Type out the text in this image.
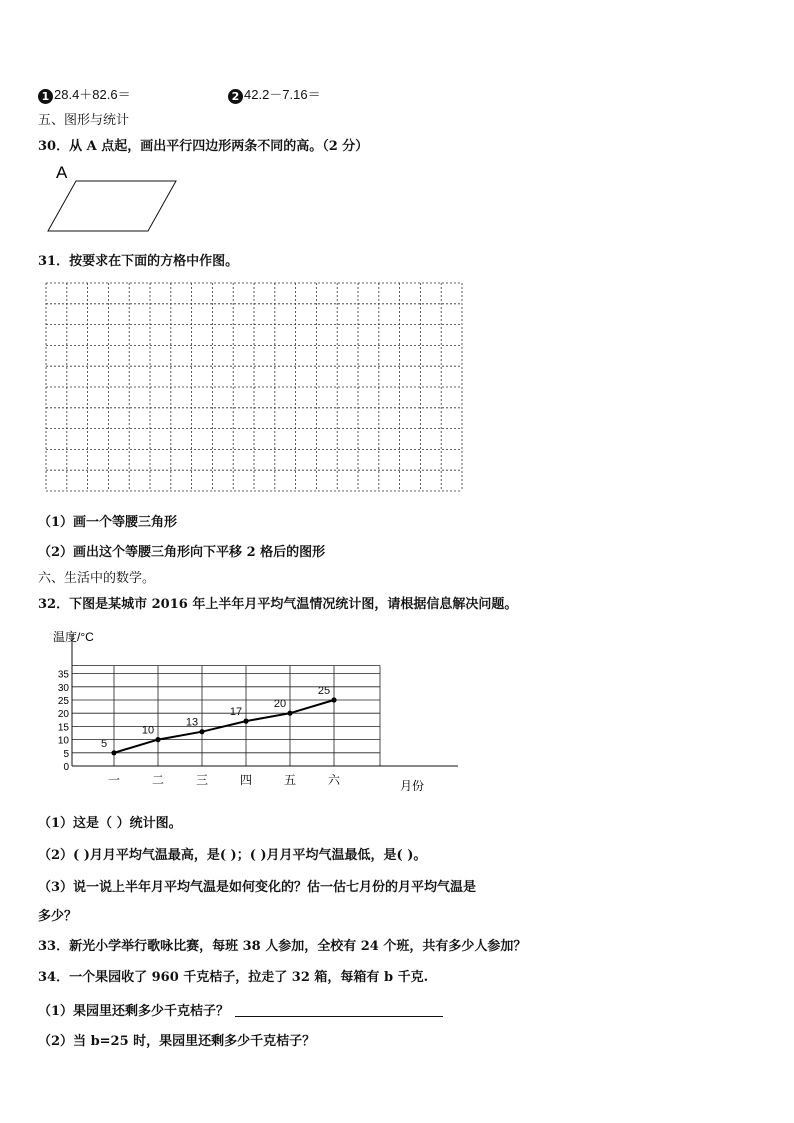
1 28.4＋82.6＝	2 42.2－7.16＝
五、图形与统计
30．从 A 点起，画出平行四边形两条不同的高。（2 分）
A
31．按要求在下面的方格中作图。
（1）画一个等腰三角形
（2）画出这个等腰三角形向下平移 2 格后的图形
六、生活中的数学。
32．下图是某城市 2016 年上半年月平均气温情况统计图，请根据信息解决问题。
温度/°C
月份
0
5
10
15
20
25
30
35
一	二	三	四	五	六
5
10
13
17
20
25
（1）这是（ ）统计图。
（2）( )月月平均气温最高，是( )；( )月月平均气温最低，是( )。
（3）说一说上半年月平均气温是如何变化的？估一估七月份的月平均气温是
多少？
33．新光小学举行歌咏比赛，每班 38 人参加，全校有 24 个班，共有多少人参加？
34．一个果园收了 960 千克桔子，拉走了 32 箱，每箱有 b 千克.
（1）果园里还剩多少千克桔子？
（2）当 b=25 时，果园里还剩多少千克桔子？
